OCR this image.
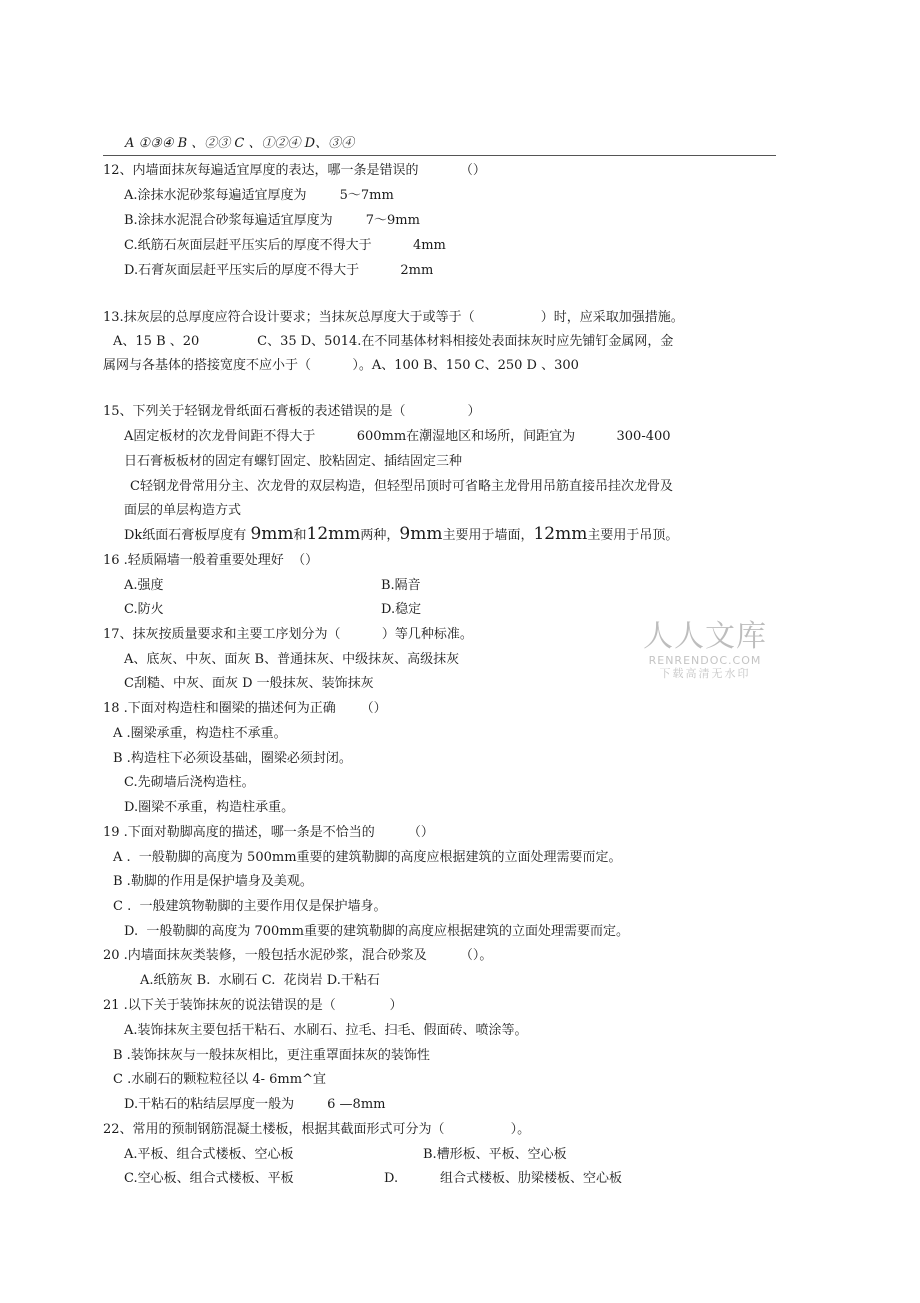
A ①③④ B 、②③ C 、①②④ D、③④
12、内墙面抹灰每遍适宜厚度的表达，哪一条是错误的          （）
A.涂抹水泥砂浆每遍适宜厚度为        5～7mm
B.涂抹水泥混合砂浆每遍适宜厚度为        7～9mm
C.纸筋石灰面层赶平压实后的厚度不得大于          4mm
D.石膏灰面层赶平压实后的厚度不得大于          2mm
13.抹灰层的总厚度应符合设计要求；当抹灰总厚度大于或等于（                ）时，应采取加强措施。
A、15 B 、20              C、35 D、5014.在不同基体材料相接处表面抹灰时应先铺钉金属网，金
属网与各基体的搭接宽度不应小于（          ）。A、100 B、150 C、250 D 、300
15、下列关于轻钢龙骨纸面石膏板的表述错误的是（               ）
A固定板材的次龙骨间距不得大于          600mm在潮湿地区和场所，间距宜为          300-400
日石膏板板材的固定有螺钉固定、胶粘固定、插结固定三种
C轻钢龙骨常用分主、次龙骨的双层构造，但轻型吊顶时可省略主龙骨用吊筋直接吊挂次龙骨及
面层的单层构造方式
Dk纸面石膏板厚度有 9mm和12mm两种，9mm主要用于墙面，12mm主要用于吊顶。
16 .轻质隔墙一般着重要处理好  （）
A.强度	B.隔音
C.防火	D.稳定
17、抹灰按质量要求和主要工序划分为（          ）等几种标准。
A、底灰、中灰、面灰 B、普通抹灰、中级抹灰、高级抹灰
C刮糙、中灰、面灰 D 一般抹灰、装饰抹灰
18 .下面对构造柱和圈梁的描述何为正确      （）
A .圈梁承重，构造柱不承重。
B .构造柱下必须设基础，圈梁必须封闭。
C.先砌墙后浇构造柱。
D.圈梁不承重，构造柱承重。
19 .下面对勒脚高度的描述，哪一条是不恰当的        （）
A .  一般勒脚的高度为 500mm重要的建筑勒脚的高度应根据建筑的立面处理需要而定。
B .勒脚的作用是保护墙身及美观。
C .  一般建筑物勒脚的主要作用仅是保护墙身。
D.  一般勒脚的高度为 700mm重要的建筑勒脚的高度应根据建筑的立面处理需要而定。
20 .内墙面抹灰类装修，一般包括水泥砂浆，混合砂浆及        （）。
A.纸筋灰 B.  水刷石 C.  花岗岩 D.干粘石
21 .以下关于装饰抹灰的说法错误的是（             ）
A.装饰抹灰主要包括干粘石、水刷石、拉毛、扫毛、假面砖、喷涂等。
B .装饰抹灰与一般抹灰相比，更注重罩面抹灰的装饰性
C .水刷石的颗粒粒径以 4- 6mm^宜
D.干粘石的粘结层厚度一般为        6 —8mm
22、常用的预制钢筋混凝土楼板，根据其截面形式可分为（                ）。
A.平板、组合式楼板、空心板	B.槽形板、平板、空心板
C.空心板、组合式楼板、平板	D.	组合式楼板、肋梁楼板、空心板
人人文库
RENRENDOC.COM
下载高清无水印
